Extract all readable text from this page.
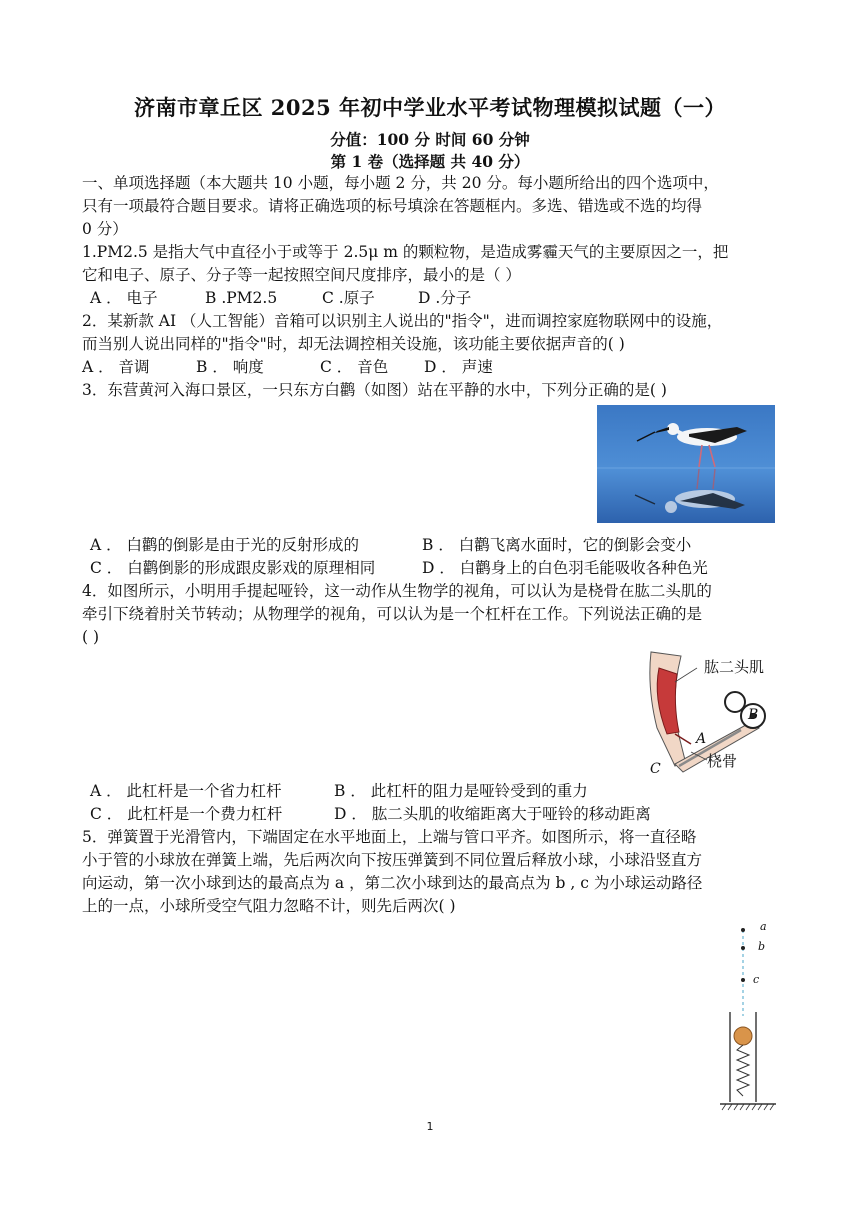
济南市章丘区 2025 年初中学业水平考试物理模拟试题（一）
分值：100 分 时间 60 分钟
第 1 卷（选择题 共 40 分）
一、单项选择题（本大题共 10 小题，每小题 2 分，共 20 分。每小题所给出的四个选项中，
只有一项最符合题目要求。请将正确选项的标号填涂在答题框内。多选、错选或不选的均得
0 分）
1.PM2.5 是指大气中直径小于或等于 2.5μ m 的颗粒物，是造成雾霾天气的主要原因之一，把
它和电子、原子、分子等一起按照空间尺度排序，最小的是（ ）
A ． 电子	B .PM2.5	C .原子	D .分子
2．某新款 AI （人工智能）音箱可以识别主人说出的"指令"，进而调控家庭物联网中的设施，
而当别人说出同样的"指令"时，却无法调控相关设施，该功能主要依据声音的( )
A ． 音调	B ． 响度	C ． 音色 D ． 声速
3．东营黄河入海口景区，一只东方白鹳（如图）站在平静的水中，下列分正确的是( )
A ． 白鹳的倒影是由于光的反射形成的	B ． 白鹳飞离水面时，它的倒影会变小
C ． 白鹳倒影的形成跟皮影戏的原理相同	D ． 白鹳身上的白色羽毛能吸收各种色光
4．如图所示，小明用手提起哑铃，这一动作从生物学的视角，可以认为是桡骨在肱二头肌的
牵引下绕着肘关节转动；从物理学的视角，可以认为是一个杠杆在工作。下列说法正确的是
( )
肱二头肌
桡骨
A
B
C
A ． 此杠杆是一个省力杠杆	B ． 此杠杆的阻力是哑铃受到的重力
C ． 此杠杆是一个费力杠杆	D ． 肱二头肌的收缩距离大于哑铃的移动距离
5．弹簧置于光滑管内，下端固定在水平地面上，上端与管口平齐。如图所示，将一直径略
小于管的小球放在弹簧上端，先后两次向下按压弹簧到不同位置后释放小球，小球沿竖直方
向运动，第一次小球到达的最高点为 a ，第二次小球到达的最高点为 b , c 为小球运动路径
上的一点，小球所受空气阻力忽略不计，则先后两次( )
a
b
c
1
